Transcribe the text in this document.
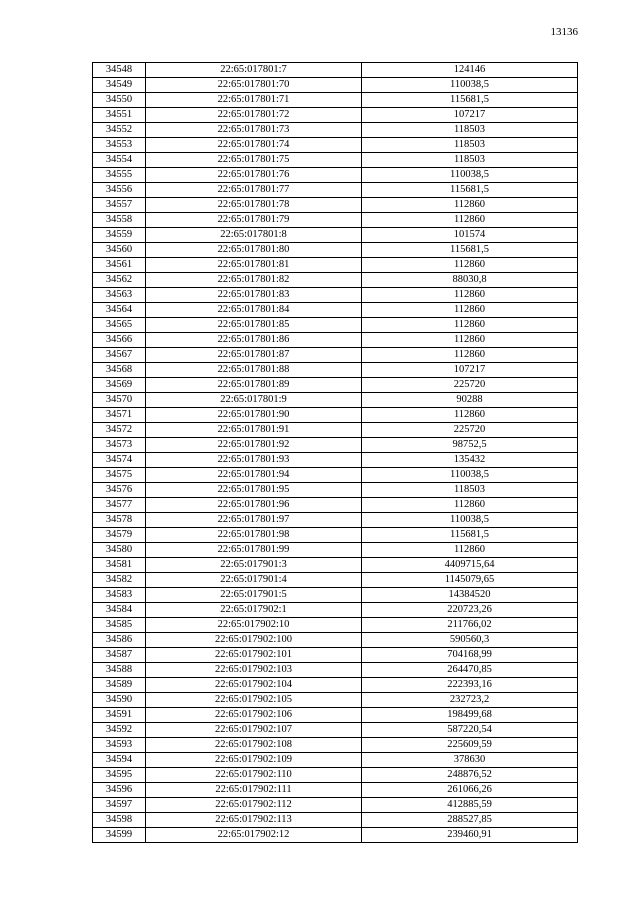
13136
34548	22:65:017801:7	124146
34549	22:65:017801:70	110038,5
34550	22:65:017801:71	115681,5
34551	22:65:017801:72	107217
34552	22:65:017801:73	118503
34553	22:65:017801:74	118503
34554	22:65:017801:75	118503
34555	22:65:017801:76	110038,5
34556	22:65:017801:77	115681,5
34557	22:65:017801:78	112860
34558	22:65:017801:79	112860
34559	22:65:017801:8	101574
34560	22:65:017801:80	115681,5
34561	22:65:017801:81	112860
34562	22:65:017801:82	88030,8
34563	22:65:017801:83	112860
34564	22:65:017801:84	112860
34565	22:65:017801:85	112860
34566	22:65:017801:86	112860
34567	22:65:017801:87	112860
34568	22:65:017801:88	107217
34569	22:65:017801:89	225720
34570	22:65:017801:9	90288
34571	22:65:017801:90	112860
34572	22:65:017801:91	225720
34573	22:65:017801:92	98752,5
34574	22:65:017801:93	135432
34575	22:65:017801:94	110038,5
34576	22:65:017801:95	118503
34577	22:65:017801:96	112860
34578	22:65:017801:97	110038,5
34579	22:65:017801:98	115681,5
34580	22:65:017801:99	112860
34581	22:65:017901:3	4409715,64
34582	22:65:017901:4	1145079,65
34583	22:65:017901:5	14384520
34584	22:65:017902:1	220723,26
34585	22:65:017902:10	211766,02
34586	22:65:017902:100	590560,3
34587	22:65:017902:101	704168,99
34588	22:65:017902:103	264470,85
34589	22:65:017902:104	222393,16
34590	22:65:017902:105	232723,2
34591	22:65:017902:106	198499,68
34592	22:65:017902:107	587220,54
34593	22:65:017902:108	225609,59
34594	22:65:017902:109	378630
34595	22:65:017902:110	248876,52
34596	22:65:017902:111	261066,26
34597	22:65:017902:112	412885,59
34598	22:65:017902:113	288527,85
34599	22:65:017902:12	239460,91
